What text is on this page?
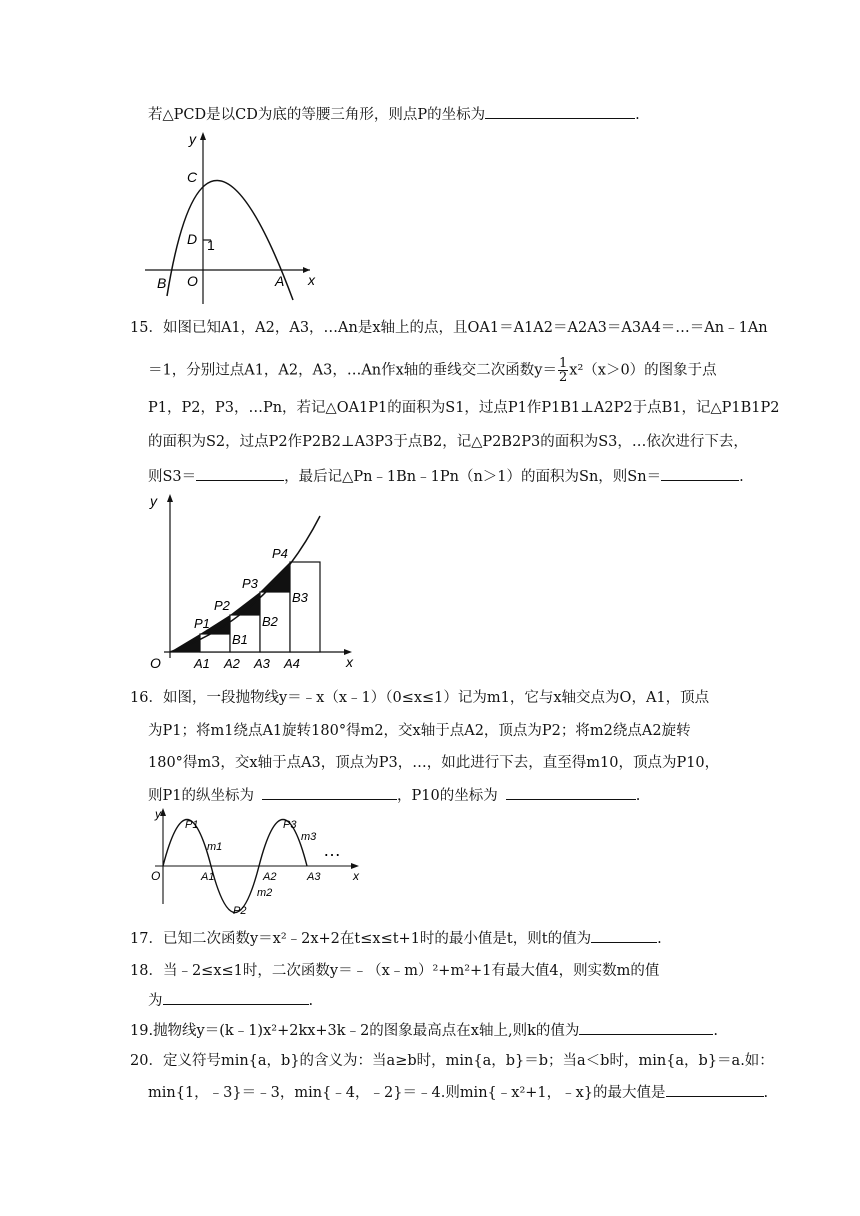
若△PCD是以CD为底的等腰三角形，则点P的坐标为	.
y
x
C
D 1
O	A
B
15．如图已知A1，A2，A3，…An是x轴上的点，且OA1＝A1A2＝A2A3＝A3A4＝…＝An﹣1An
＝1，分别过点A1，A2，A3，…An作x轴的垂线交二次函数$y= \frac{1}{2} x^2(x>0)$的图象于点
P1，P2，P3，…Pn，若记△OA1P1的面积为S1，过点P1作P1B1⊥A2P2于点B1，记△P1B1P2
的面积为S2，过点P2作P2B2⊥A3P3于点B2，记△P2B2P3的面积为S3，…依次进行下去，
则S3＝	，最后记△Pn﹣1Bn﹣1Pn（n＞1）的面积为Sn，则Sn＝	.
y
x
O
P1
P2
P3
P4
B1
B2
B3
A1 A2 A3 A4
16．如图，一段抛物线y＝﹣x（x﹣1）（0≤x≤1）记为m1，它与x轴交点为O，A1，顶点
为P1；将m1绕点A1旋转180°得m2，交x轴于点A2，顶点为P2；将m2绕点A2旋转
180°得m3，交x轴于点A3，顶点为P3，…，如此进行下去，直至得m10，顶点为P10，
则P1的纵坐标为	，P10的坐标为	.
y
x
O
P1
m1
A1
P3
m3
A2
m2
A3
P2
…
17．已知二次函数y＝x²﹣2x+2在t≤x≤t+1时的最小值是t，则t的值为	.
18．当﹣2≤x≤1时，二次函数y＝﹣（x﹣m）²+m²+1有最大值4，则实数m的值
为	.
19.抛物线y＝(k﹣1)x²+2kx+3k﹣2的图象最高点在x轴上,则k的值为	.
20．定义符号min{a，b}的含义为：当a≥b时，min{a，b}＝b；当a＜b时，min{a，b}＝a.如：
min{1，﹣3}＝﹣3，min{﹣4，﹣2}＝﹣4.则min{﹣x²+1，﹣x}的最大值是	.
